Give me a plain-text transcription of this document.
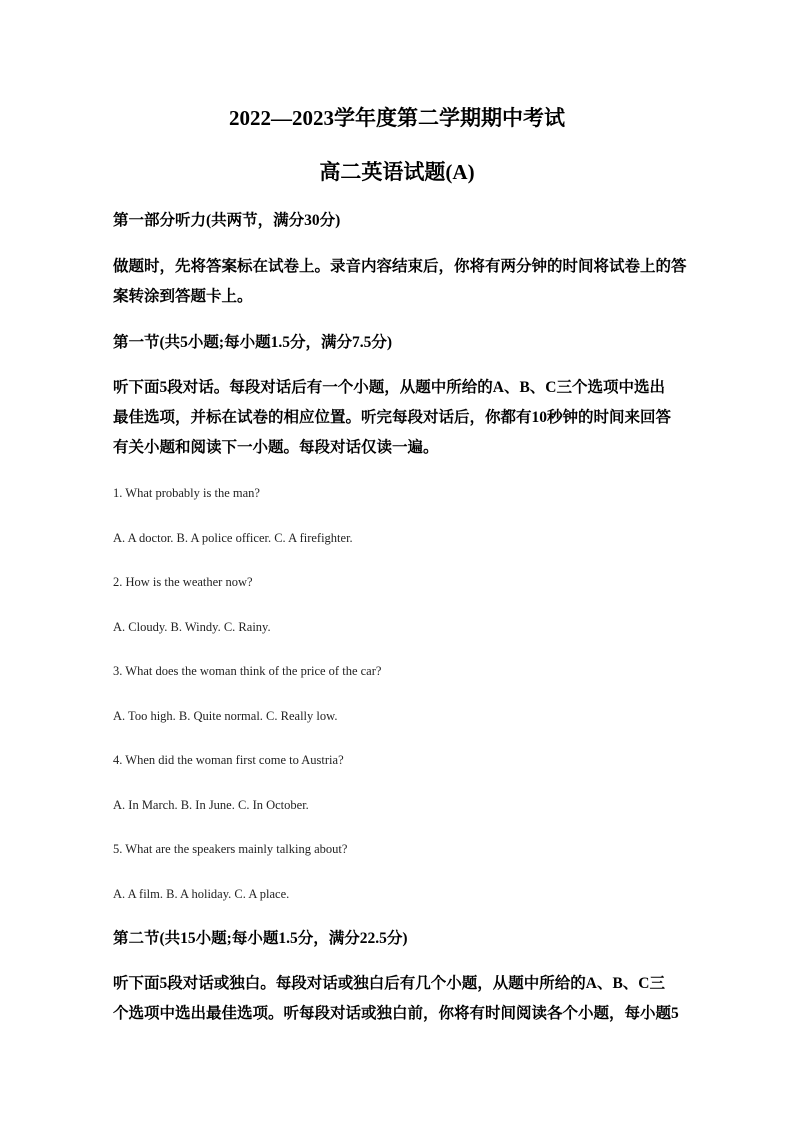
2022—2023学年度第二学期期中考试
高二英语试题(A)
第一部分听力(共两节，满分30分)
做题时，先将答案标在试卷上。录音内容结束后，你将有两分钟的时间将试卷上的答
案转涂到答题卡上。
第一节(共5小题;每小题1.5分，满分7.5分)
听下面5段对话。每段对话后有一个小题，从题中所给的A、B、C三个选项中选出
最佳选项，并标在试卷的相应位置。听完每段对话后，你都有10秒钟的时间来回答
有关小题和阅读下一小题。每段对话仅读一遍。
1. What probably is the man?
A. A doctor. B. A police officer. C. A firefighter.
2. How is the weather now?
A. Cloudy. B. Windy. C. Rainy.
3. What does the woman think of the price of the car?
A. Too high. B. Quite normal. C. Really low.
4. When did the woman first come to Austria?
A. In March. B. In June. C. In October.
5. What are the speakers mainly talking about?
A. A film. B. A holiday. C. A place.
第二节(共15小题;每小题1.5分，满分22.5分)
听下面5段对话或独白。每段对话或独白后有几个小题，从题中所给的A、B、C三
个选项中选出最佳选项。听每段对话或独白前，你将有时间阅读各个小题，每小题5
